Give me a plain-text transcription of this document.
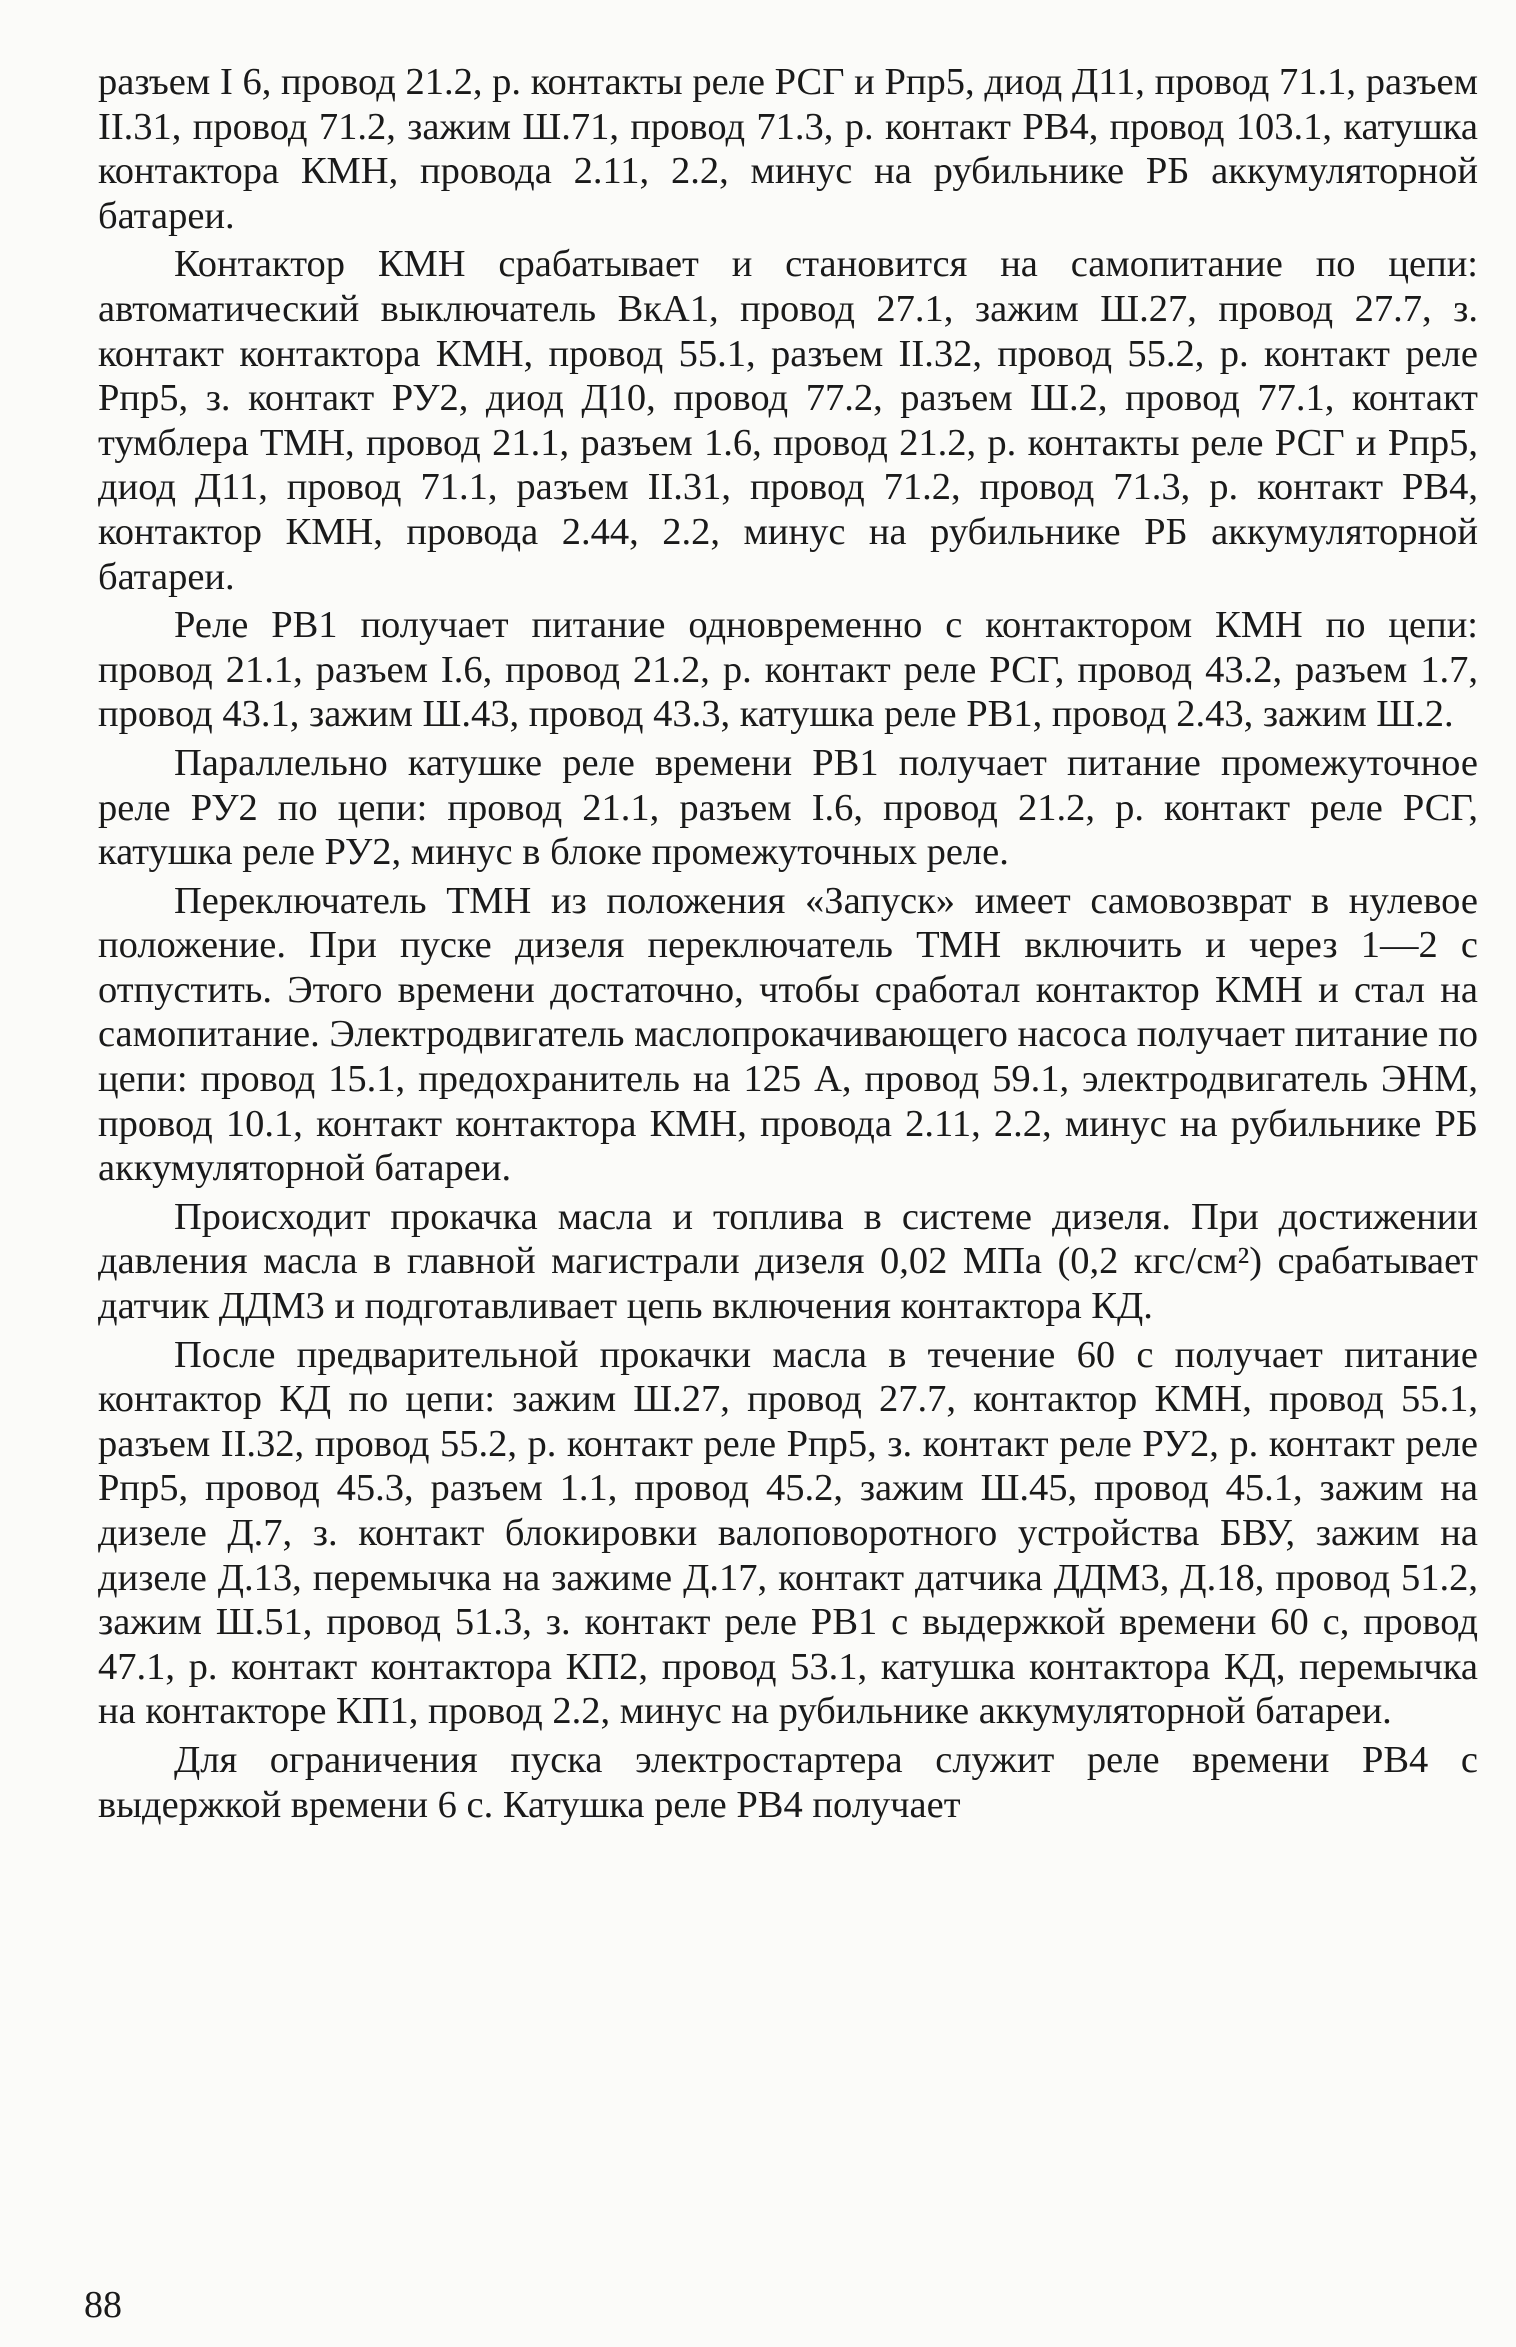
разъем I 6, провод 21.2, р. контакты реле РСГ и Рпр5, диод Д11, провод 71.1, разъем II.31, провод 71.2, зажим Ш.71, провод 71.3, р. контакт РВ4, провод 103.1, катушка контактора КМН, провода 2.11, 2.2, минус на рубильнике РБ аккумуляторной батареи.

Контактор КМН срабатывает и становится на самопитание по цепи: автоматический выключатель ВкА1, провод 27.1, зажим Ш.27, провод 27.7, з. контакт контактора КМН, провод 55.1, разъем II.32, провод 55.2, р. контакт реле Рпр5, з. контакт РУ2, диод Д10, провод 77.2, разъем Ш.2, провод 77.1, контакт тумблера ТМН, провод 21.1, разъем 1.6, провод 21.2, р. контакты реле РСГ и Рпр5, диод Д11, провод 71.1, разъем II.31, провод 71.2, провод 71.3, р. контакт РВ4, контактор КМН, провода 2.44, 2.2, минус на рубильнике РБ аккумуляторной батареи.

Реле РВ1 получает питание одновременно с контактором КМН по цепи: провод 21.1, разъем I.6, провод 21.2, р. контакт реле РСГ, провод 43.2, разъем 1.7, провод 43.1, зажим Ш.43, провод 43.3, катушка реле РВ1, провод 2.43, зажим Ш.2.

Параллельно катушке реле времени РВ1 получает питание промежуточное реле РУ2 по цепи: провод 21.1, разъем I.6, провод 21.2, р. контакт реле РСГ, катушка реле РУ2, минус в блоке промежуточных реле.

Переключатель ТМН из положения «Запуск» имеет самовозврат в нулевое положение. При пуске дизеля переключатель ТМН включить и через 1—2 с отпустить. Этого времени достаточно, чтобы сработал контактор КМН и стал на самопитание. Электродвигатель маслопрокачивающего насоса получает питание по цепи: провод 15.1, предохранитель на 125 А, провод 59.1, электродвигатель ЭНМ, провод 10.1, контакт контактора КМН, провода 2.11, 2.2, минус на рубильнике РБ аккумуляторной батареи.

Происходит прокачка масла и топлива в системе дизеля. При достижении давления масла в главной магистрали дизеля 0,02 МПа (0,2 кгс/см²) срабатывает датчик ДДМ3 и подготавливает цепь включения контактора КД.

После предварительной прокачки масла в течение 60 с получает питание контактор КД по цепи: зажим Ш.27, провод 27.7, контактор КМН, провод 55.1, разъем II.32, провод 55.2, р. контакт реле Рпр5, з. контакт реле РУ2, р. контакт реле Рпр5, провод 45.3, разъем 1.1, провод 45.2, зажим Ш.45, провод 45.1, зажим на дизеле Д.7, з. контакт блокировки валоповоротного устройства БВУ, зажим на дизеле Д.13, перемычка на зажиме Д.17, контакт датчика ДДМ3, Д.18, провод 51.2, зажим Ш.51, провод 51.3, з. контакт реле РВ1 с выдержкой времени 60 с, провод 47.1, р. контакт контактора КП2, провод 53.1, катушка контактора КД, перемычка на контакторе КП1, провод 2.2, минус на рубильнике аккумуляторной батареи.

Для ограничения пуска электростартера служит реле времени РВ4 с выдержкой времени 6 с. Катушка реле РВ4 получает

88
